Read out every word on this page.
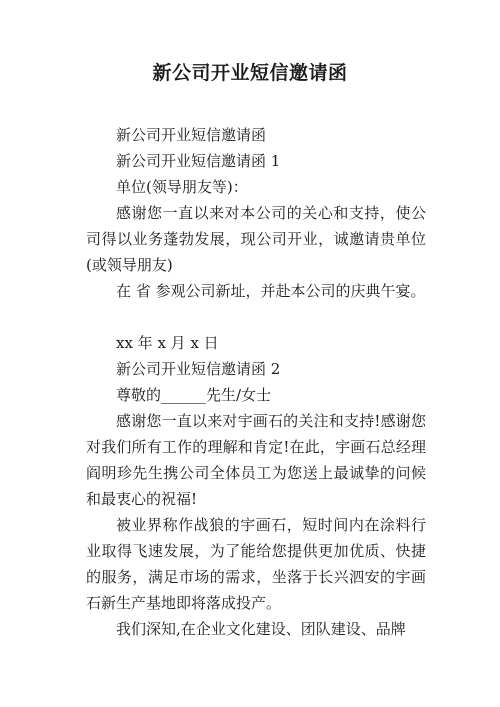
新公司开业短信邀请函

新公司开业短信邀请函

新公司开业短信邀请函 1

单位(领导朋友等)：

感谢您一直以来对本公司的关心和支持，使公司得以业务蓬勃发展，现公司开业，诚邀请贵单位(或领导朋友)

在 省 参观公司新址，并赴本公司的庆典午宴。

xx 年 x 月 x 日

新公司开业短信邀请函 2

尊敬的______先生/女士

感谢您一直以来对宇画石的关注和支持!感谢您对我们所有工作的理解和肯定!在此，宇画石总经理阎明珍先生携公司全体员工为您送上最诚挚的问候和最衷心的祝福!

被业界称作战狼的宇画石，短时间内在涂料行业取得飞速发展，为了能给您提供更加优质、快捷的服务，满足市场的需求，坐落于长兴泗安的宇画石新生产基地即将落成投产。

我们深知,在企业文化建设、团队建设、品牌
